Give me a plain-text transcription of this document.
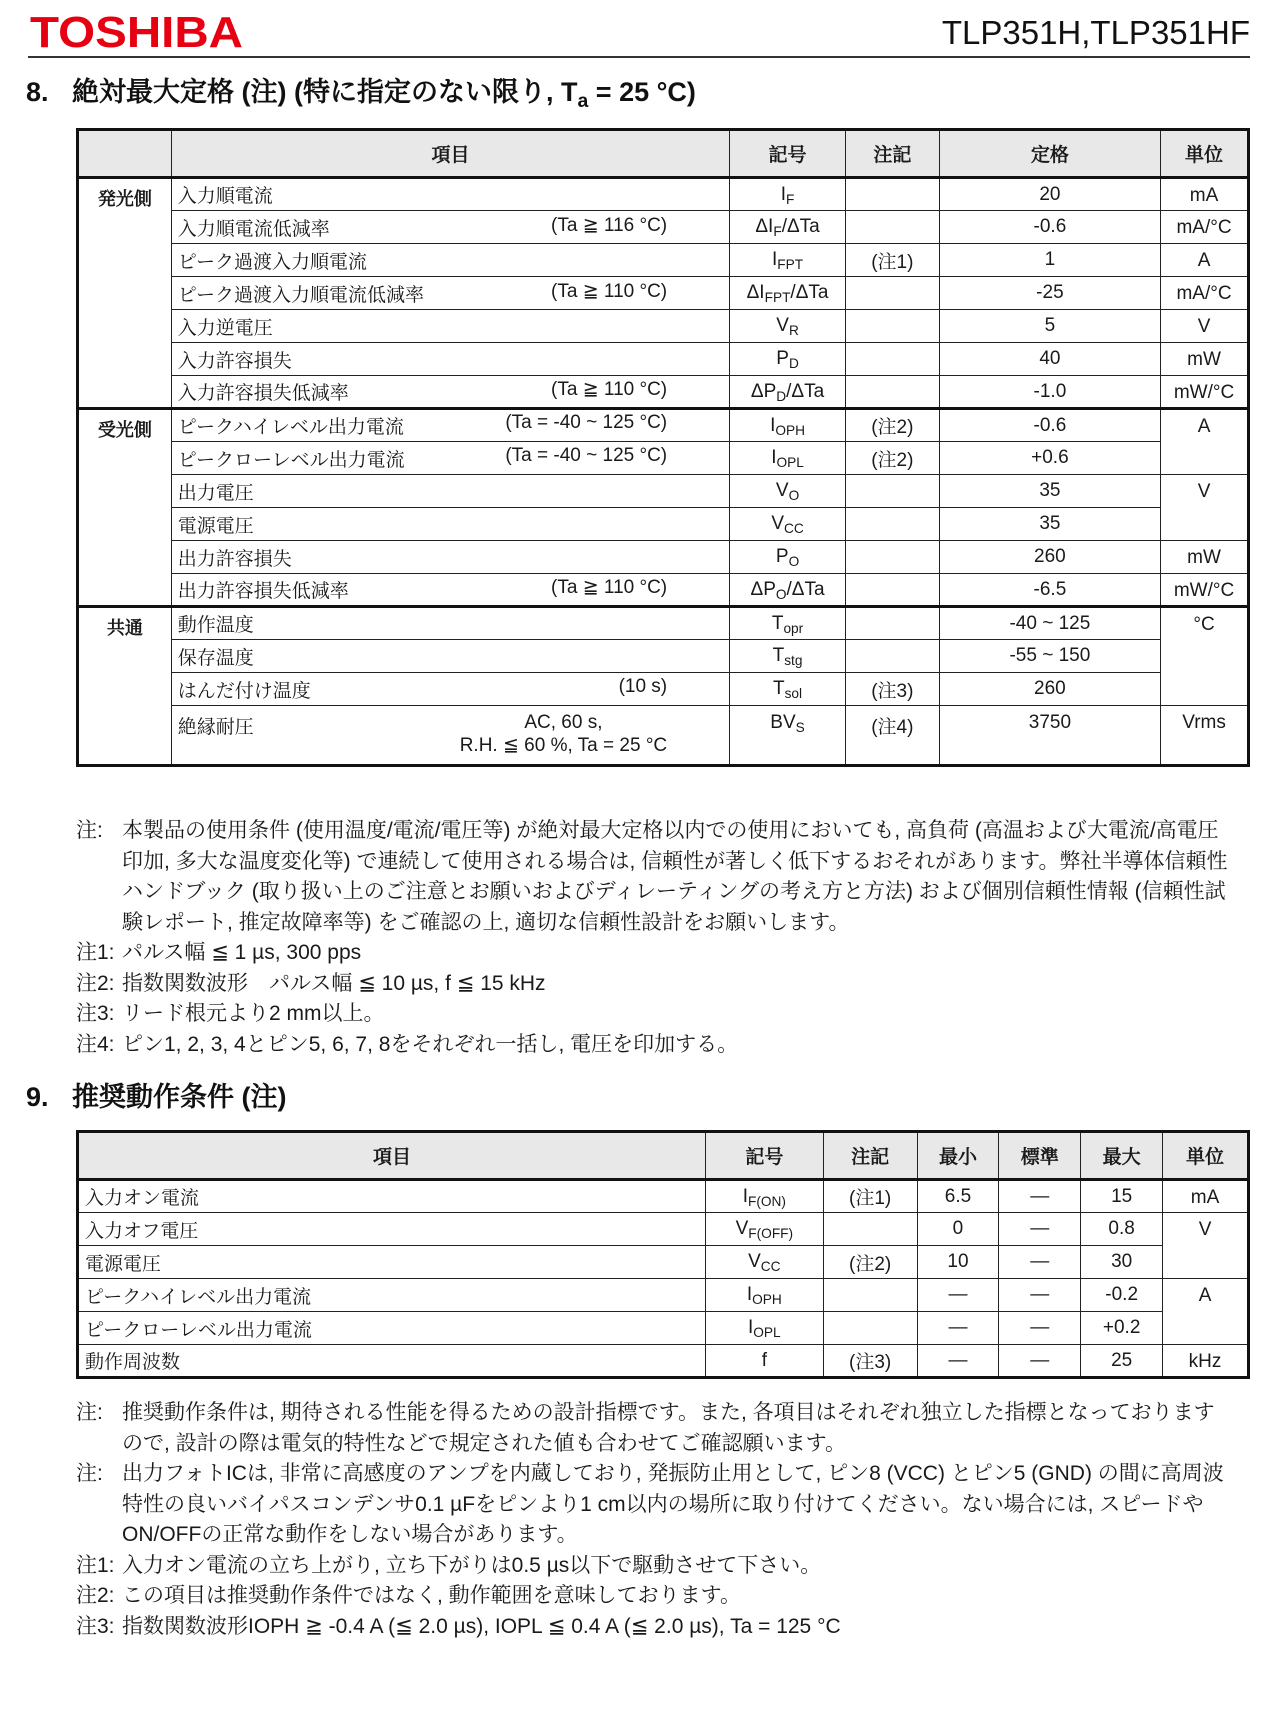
TOSHIBA	TLP351H,TLP351HF
8. 絶対最大定格 (注) (特に指定のない限り, $T_a = 25$ °C)
	項目	記号	注記	定格	単位
発光側	入力順電流	$I_F$		20	mA

	入力順電流低減率 (Ta ≧ 116 °C)	$\Delta I_F$/ΔTa		-0.6	mA/°C

	ピーク過渡入力順電流	$I_{FPT}$	(注1)	1	A

	ピーク過渡入力順電流低減率 (Ta ≧ 110 °C)	$\Delta I_{FPT}$/ΔTa		-25	mA/°C

	入力逆電圧	$V_R$		5	V

	入力許容損失	$P_D$		40	mW

	入力許容損失低減率 (Ta ≧ 110 °C)	$\Delta P_D$/ΔTa		-1.0	mW/°C
受光側	ピークハイレベル出力電流 (Ta = -40 ~ 125 °C)	$I_{OPH}$	(注2)	-0.6	A

	ピークローレベル出力電流 (Ta = -40 ~ 125 °C)	$I_{OPL}$	(注2)	+0.6	

	出力電圧	$V_O$		35	V

	電源電圧	$V_{CC}$		35	

	出力許容損失	$P_O$		260	mW

	出力許容損失低減率 (Ta ≧ 110 °C)	$\Delta P_O$/ΔTa		-6.5	mW/°C
共通	動作温度	$T_{opr}$		-40 ~ 125	°C

	保存温度	$T_{stg}$		-55 ~ 150	

	はんだ付け温度 (10 s)	$T_{sol}$	(注3)	260	

	絶縁耐圧 AC, 60 s,
R.H. ≦ 60 %, Ta = 25 °C	$BV_S$	(注4)	3750	Vrms
注: 本製品の使用条件 (使用温度/電流/電圧等) が絶対最大定格以内での使用においても, 高負荷 (高温および大電流/高電圧印加, 多大な温度変化等) で連続して使用される場合は, 信頼性が著しく低下するおそれがあります。弊社半導体信頼性ハンドブック (取り扱い上のご注意とお願いおよびディレーティングの考え方と方法) および個別信頼性情報 (信頼性試験レポート, 推定故障率等) をご確認の上, 適切な信頼性設計をお願いします。
注1: パルス幅 ≦ 1 µs, 300 pps
注2: 指数関数波形　パルス幅 ≦ 10 µs, f ≦ 15 kHz
注3: リード根元より2 mm以上。
注4: ピン1, 2, 3, 4とピン5, 6, 7, 8をそれぞれ一括し, 電圧を印加する。
9. 推奨動作条件 (注)
項目	記号	注記	最小	標準	最大	単位
入力オン電流	$I_{F(ON)}$	(注1)	6.5	—	15	mA
入力オフ電圧	$V_{F(OFF)}$		0	—	0.8	V
電源電圧	$V_{CC}$	(注2)	10	—	30	
ピークハイレベル出力電流	$I_{OPH}$		—	—	-0.2	A
ピークローレベル出力電流	$I_{OPL}$		—	—	+0.2	
動作周波数	f	(注3)	—	—	25	kHz
注: 推奨動作条件は, 期待される性能を得るための設計指標です。また, 各項目はそれぞれ独立した指標となっておりますので, 設計の際は電気的特性などで規定された値も合わせてご確認願います。
注: 出力フォトICは, 非常に高感度のアンプを内蔵しており, 発振防止用として, ピン8 (VCC) とピン5 (GND) の間に高周波特性の良いバイパスコンデンサ0.1 µFをピンより1 cm以内の場所に取り付けてください。ない場合には, スピードやON/OFFの正常な動作をしない場合があります。
注1: 入力オン電流の立ち上がり, 立ち下がりは0.5 µs以下で駆動させて下さい。
注2: この項目は推奨動作条件ではなく, 動作範囲を意味しております。
注3: 指数関数波形IOPH ≧ -0.4 A (≦ 2.0 µs), IOPL ≦ 0.4 A (≦ 2.0 µs), Ta = 125 °C
